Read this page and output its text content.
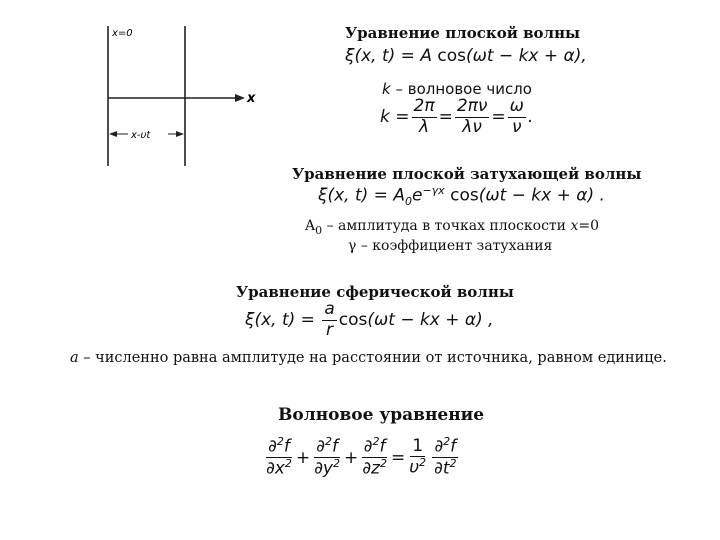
x=0
x
x-υt
Уравнение плоской волны
ξ(x, t) = A cos(ωt − kx + α),
k – волновое число
$k = \frac{2\pi}{\lambda} = \frac{2\pi\nu}{\lambda\nu} = \frac{\omega}{\nu}$ .
Уравнение плоской затухающей волны
ξ(x, $t) = A_0e^{-\gamma x}$ cos(ωt − kx + α) .
$A_0$ – амплитуда в точках плоскости x=0
γ – коэффициент затухания
Уравнение сферической волны
ξ(x, $t) = \frac{a}{r}$ cos (ωt − kx + α) ,
a – численно равна амплитуде на расстоянии от источника, равном единице.
Волновое уравнение
$\frac{\partial^2f}{\partial x^2} + \frac{\partial^2f}{\partial y^2} + \frac{\partial^2f}{\partial z^2} = \frac{1}{\upsilon^2} \frac{\partial^2f}{\partial t^2}$
